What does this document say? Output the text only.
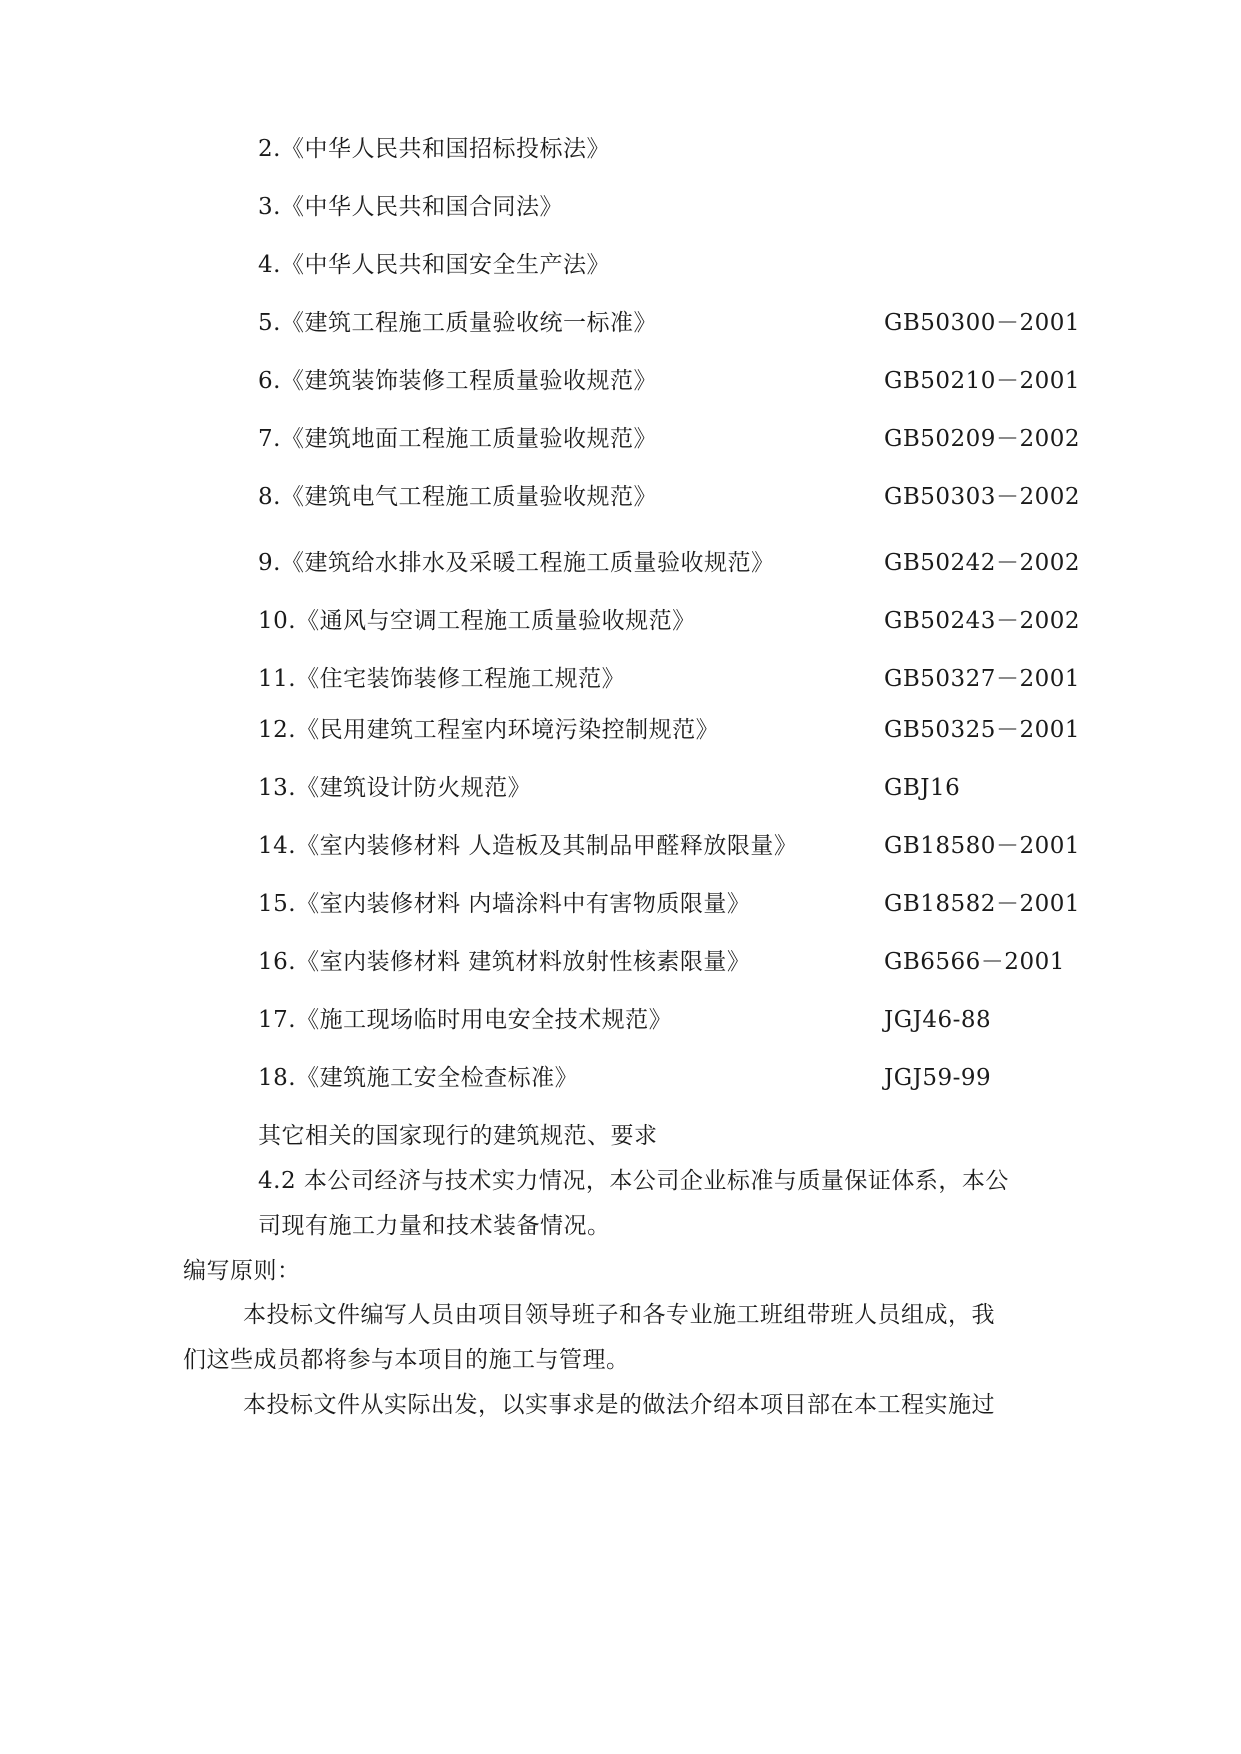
2.《中华人民共和国招标投标法》
3.《中华人民共和国合同法》
4.《中华人民共和国安全生产法》
5.《建筑工程施工质量验收统一标准》	GB50300－2001
6.《建筑装饰装修工程质量验收规范》	GB50210－2001
7.《建筑地面工程施工质量验收规范》	GB50209－2002
8.《建筑电气工程施工质量验收规范》	GB50303－2002
9.《建筑给水排水及采暖工程施工质量验收规范》	GB50242－2002
10.《通风与空调工程施工质量验收规范》	GB50243－2002
11.《住宅装饰装修工程施工规范》	GB50327－2001
12.《民用建筑工程室内环境污染控制规范》	GB50325－2001
13.《建筑设计防火规范》	GBJ16
14.《室内装修材料 人造板及其制品甲醛释放限量》	GB18580－2001
15.《室内装修材料 内墙涂料中有害物质限量》	GB18582－2001
16.《室内装修材料 建筑材料放射性核素限量》	GB6566－2001
17.《施工现场临时用电安全技术规范》	JGJ46-88
18.《建筑施工安全检查标准》	JGJ59-99
其它相关的国家现行的建筑规范、要求
4.2 本公司经济与技术实力情况，本公司企业标准与质量保证体系，本公
司现有施工力量和技术装备情况。
编写原则：
本投标文件编写人员由项目领导班子和各专业施工班组带班人员组成，我
们这些成员都将参与本项目的施工与管理。
本投标文件从实际出发，以实事求是的做法介绍本项目部在本工程实施过
